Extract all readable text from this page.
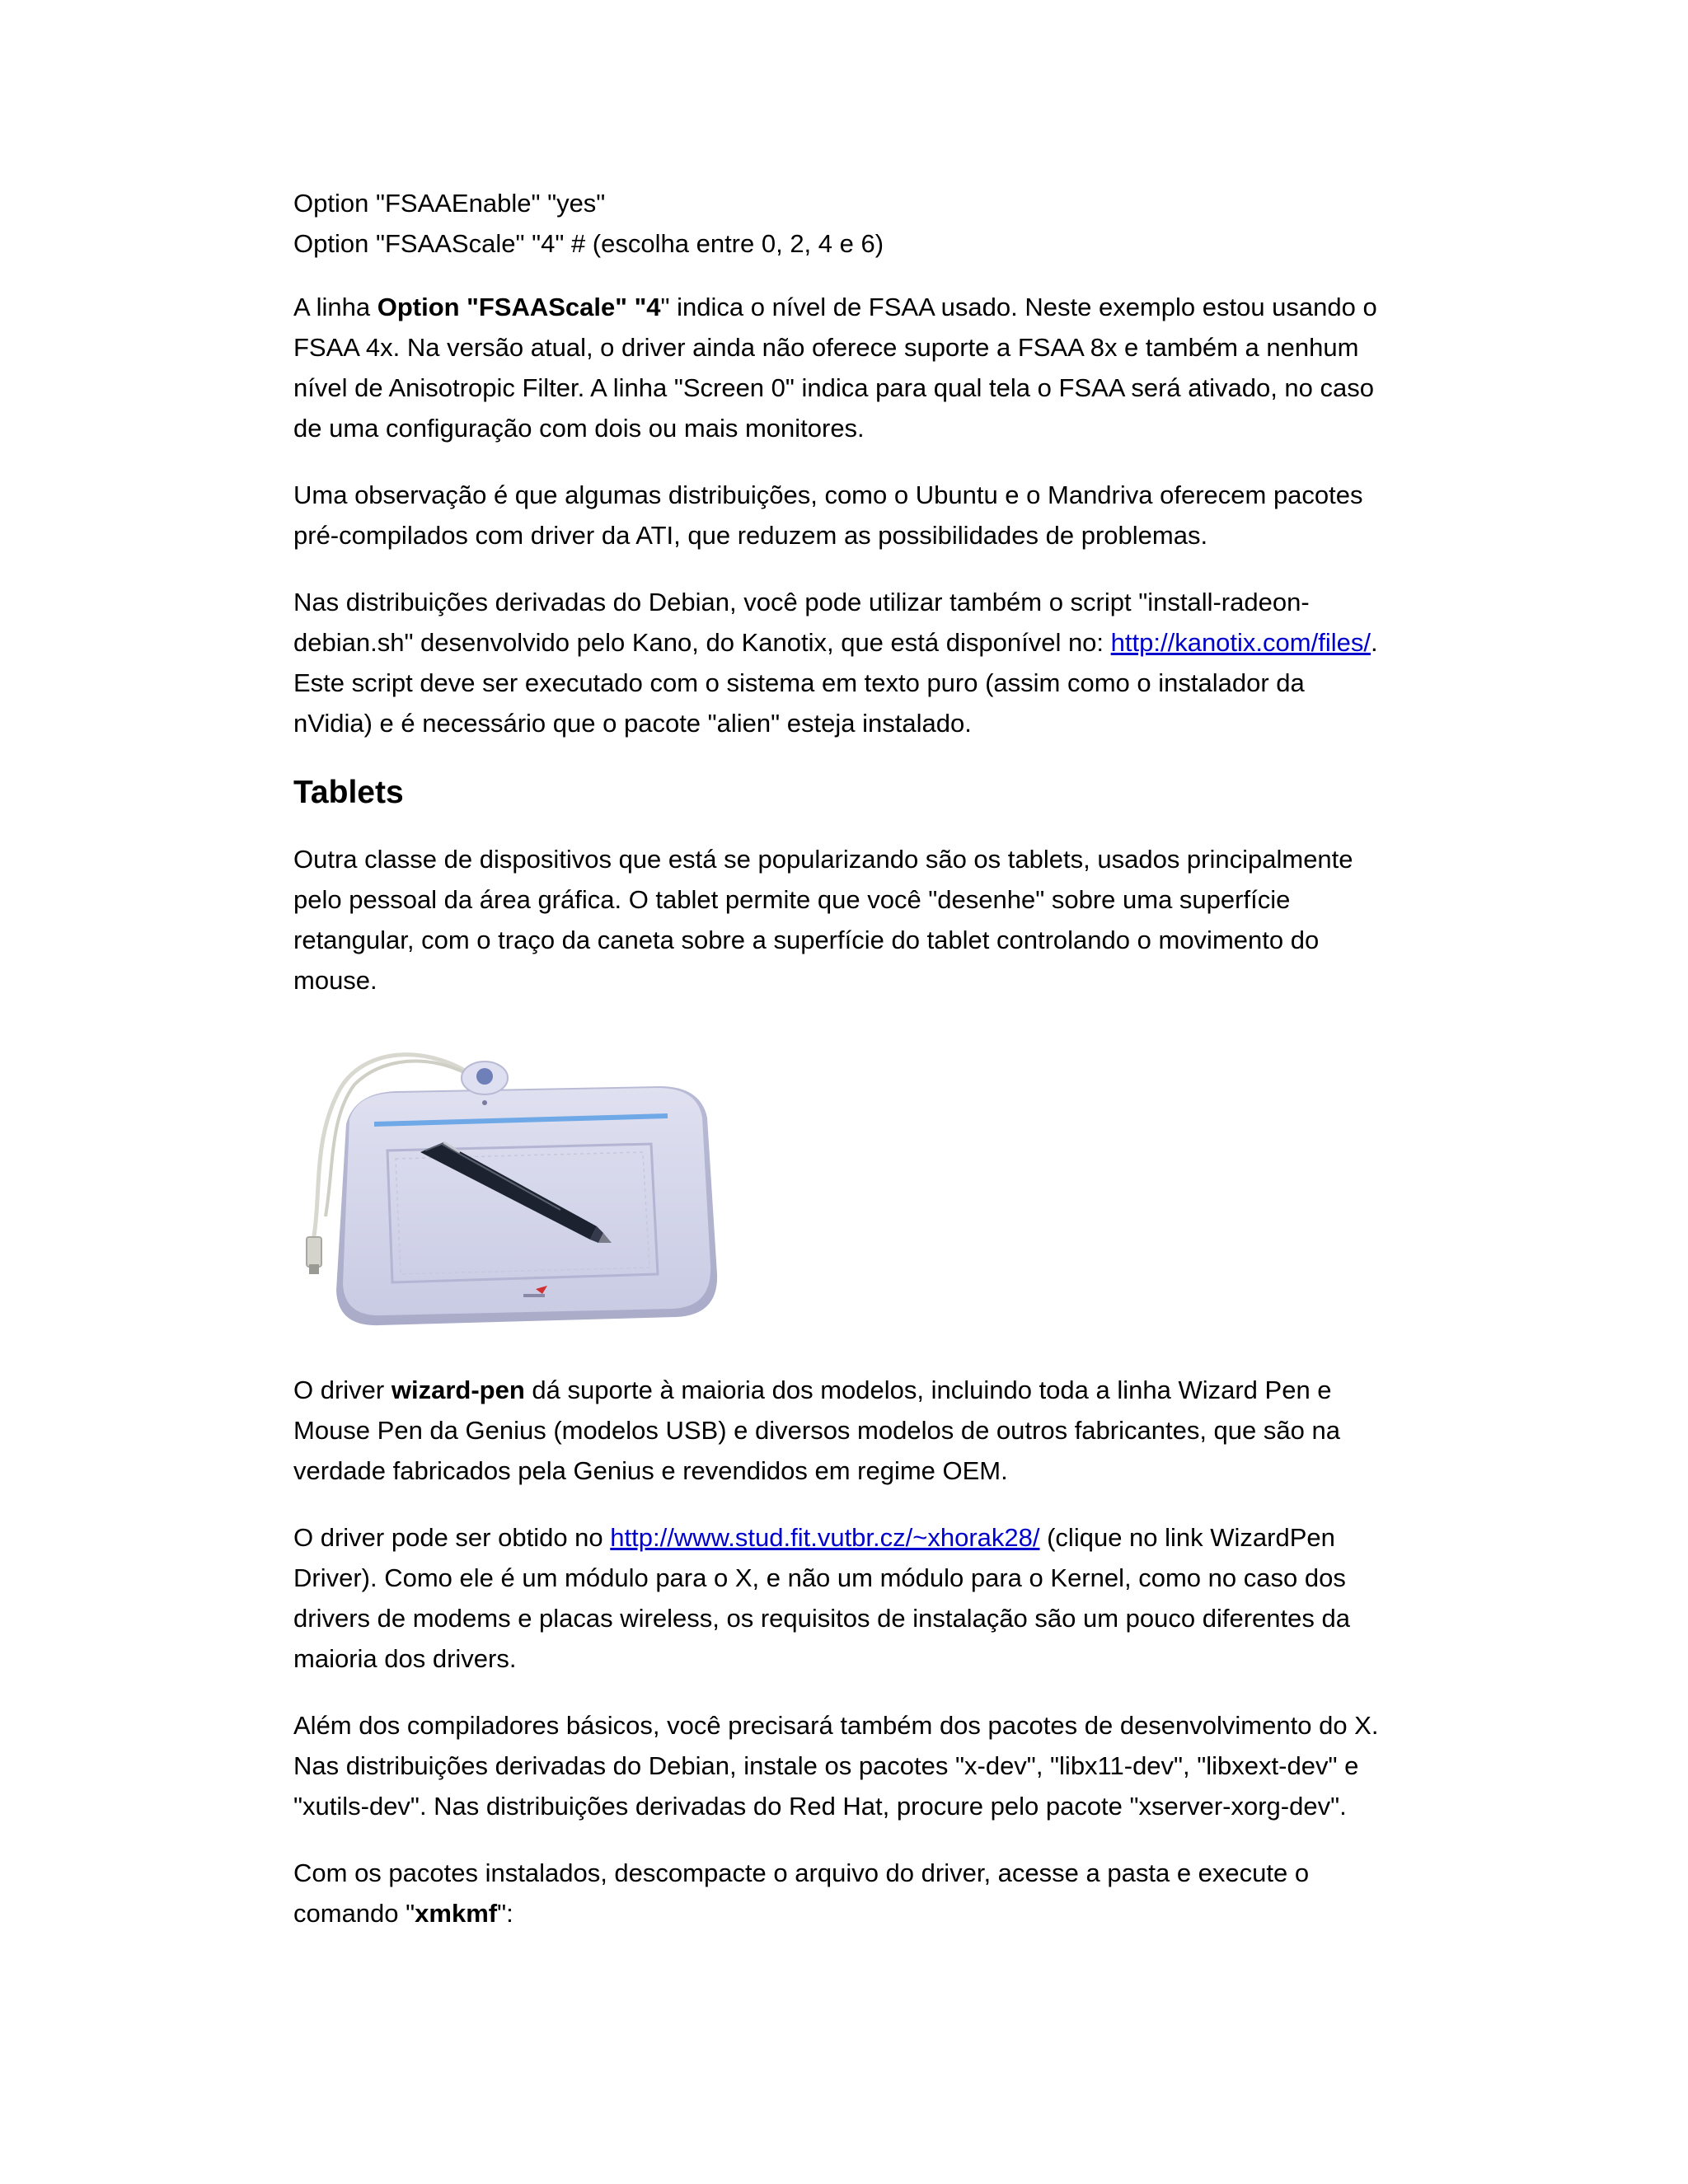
Option "FSAAEnable" "yes"
Option "FSAAScale" "4" # (escolha entre 0, 2, 4 e 6)

A linha Option "FSAAScale" "4" indica o nível de FSAA usado. Neste exemplo estou usando o FSAA 4x. Na versão atual, o driver ainda não oferece suporte a FSAA 8x e também a nenhum nível de Anisotropic Filter. A linha "Screen 0" indica para qual tela o FSAA será ativado, no caso de uma configuração com dois ou mais monitores.

Uma observação é que algumas distribuições, como o Ubuntu e o Mandriva oferecem pacotes pré-compilados com driver da ATI, que reduzem as possibilidades de problemas.

Nas distribuições derivadas do Debian, você pode utilizar também o script "install-radeon-debian.sh" desenvolvido pelo Kano, do Kanotix, que está disponível no: http://kanotix.com/files/. Este script deve ser executado com o sistema em texto puro (assim como o instalador da nVidia) e é necessário que o pacote "alien" esteja instalado.

Tablets

Outra classe de dispositivos que está se popularizando são os tablets, usados principalmente pelo pessoal da área gráfica. O tablet permite que você "desenhe" sobre uma superfície retangular, com o traço da caneta sobre a superfície do tablet controlando o movimento do mouse.

O driver wizard-pen dá suporte à maioria dos modelos, incluindo toda a linha Wizard Pen e Mouse Pen da Genius (modelos USB) e diversos modelos de outros fabricantes, que são na verdade fabricados pela Genius e revendidos em regime OEM.

O driver pode ser obtido no http://www.stud.fit.vutbr.cz/~xhorak28/ (clique no link WizardPen Driver). Como ele é um módulo para o X, e não um módulo para o Kernel, como no caso dos drivers de modems e placas wireless, os requisitos de instalação são um pouco diferentes da maioria dos drivers.

Além dos compiladores básicos, você precisará também dos pacotes de desenvolvimento do X. Nas distribuições derivadas do Debian, instale os pacotes "x-dev", "libx11-dev", "libxext-dev" e "xutils-dev". Nas distribuições derivadas do Red Hat, procure pelo pacote "xserver-xorg-dev".

Com os pacotes instalados, descompacte o arquivo do driver, acesse a pasta e execute o comando "xmkmf":
